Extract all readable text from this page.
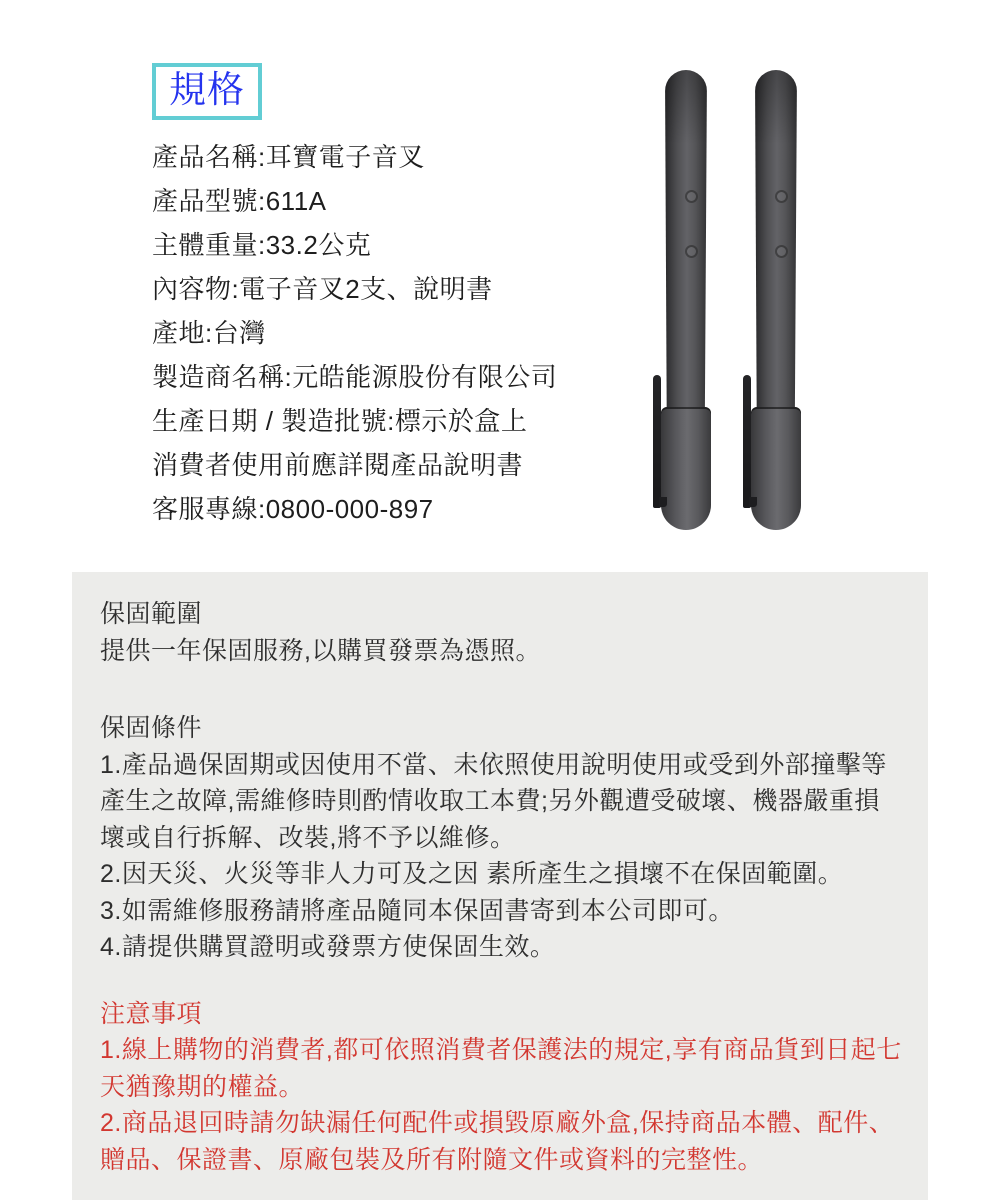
規格

產品名稱:耳寶電子音叉

產品型號:611A

主體重量:33.2公克

內容物:電子音叉2支、說明書

產地:台灣

製造商名稱:元皓能源股份有限公司

生產日期 / 製造批號:標示於盒上

消費者使用前應詳閱產品說明書

客服專線:0800-000-897

保固範圍

提供一年保固服務,以購買發票為憑照。

保固條件

1.產品過保固期或因使用不當、未依照使用說明使用或受到外部撞擊等產生之故障,需維修時則酌情收取工本費;另外觀遭受破壞、機器嚴重損壞或自行拆解、改裝,將不予以維修。

2.因天災、火災等非人力可及之因 素所產生之損壞不在保固範圍。

3.如需維修服務請將產品隨同本保固書寄到本公司即可。

4.請提供購買證明或發票方使保固生效。

注意事項

1.線上購物的消費者,都可依照消費者保護法的規定,享有商品貨到日起七天猶豫期的權益。

2.商品退回時請勿缺漏任何配件或損毀原廠外盒,保持商品本體、配件、贈品、保證書、原廠包裝及所有附隨文件或資料的完整性。
